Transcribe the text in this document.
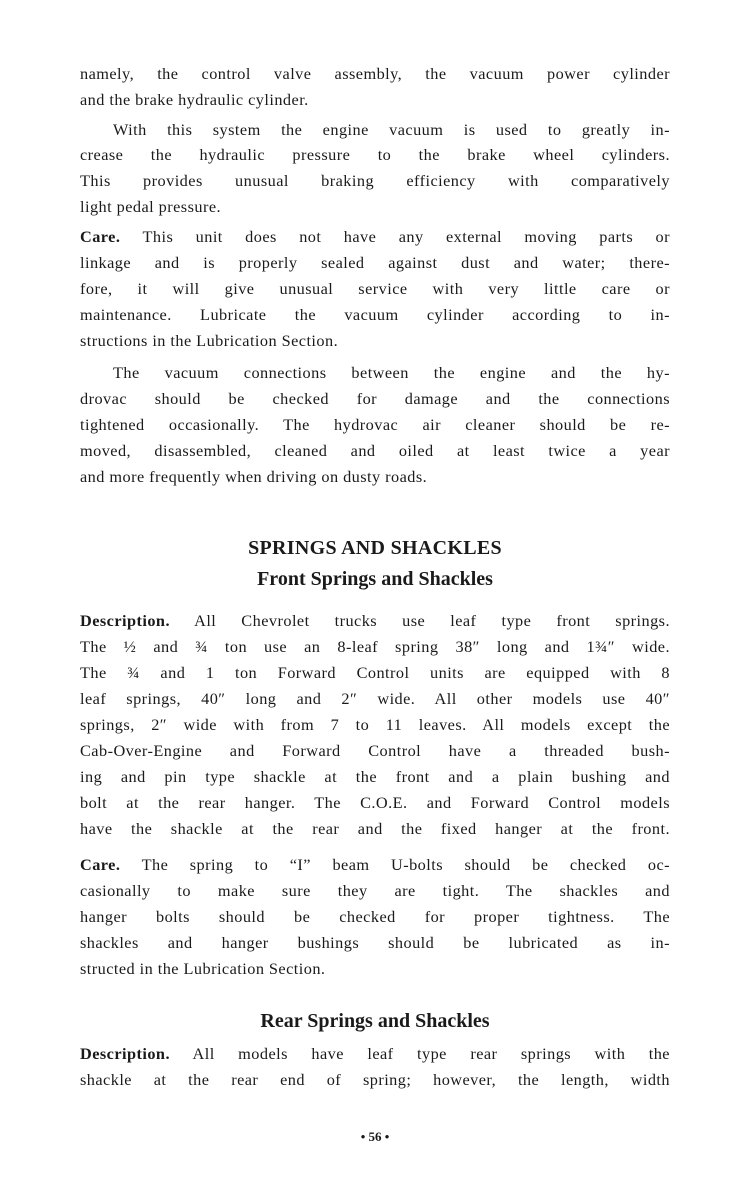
namely, the control valve assembly, the vacuum power cylinder
and the brake hydraulic cylinder.
With this system the engine vacuum is used to greatly in-
crease the hydraulic pressure to the brake wheel cylinders.
This provides unusual braking efficiency with comparatively
light pedal pressure.
Care. This unit does not have any external moving parts or
linkage and is properly sealed against dust and water; there-
fore, it will give unusual service with very little care or
maintenance. Lubricate the vacuum cylinder according to in-
structions in the Lubrication Section.
The vacuum connections between the engine and the hy-
drovac should be checked for damage and the connections
tightened occasionally. The hydrovac air cleaner should be re-
moved, disassembled, cleaned and oiled at least twice a year
and more frequently when driving on dusty roads.
SPRINGS AND SHACKLES
Front Springs and Shackles
Description. All Chevrolet trucks use leaf type front springs.
The ½ and ¾ ton use an 8-leaf spring 38″ long and 1¾″ wide.
The ¾ and 1 ton Forward Control units are equipped with 8
leaf springs, 40″ long and 2″ wide. All other models use 40″
springs, 2″ wide with from 7 to 11 leaves. All models except the
Cab-Over-Engine and Forward Control have a threaded bush-
ing and pin type shackle at the front and a plain bushing and
bolt at the rear hanger. The C.O.E. and Forward Control models
have the shackle at the rear and the fixed hanger at the front.
Care. The spring to “I” beam U-bolts should be checked oc-
casionally to make sure they are tight. The shackles and
hanger bolts should be checked for proper tightness. The
shackles and hanger bushings should be lubricated as in-
structed in the Lubrication Section.
Rear Springs and Shackles
Description. All models have leaf type rear springs with the
shackle at the rear end of spring; however, the length, width
• 56 •
